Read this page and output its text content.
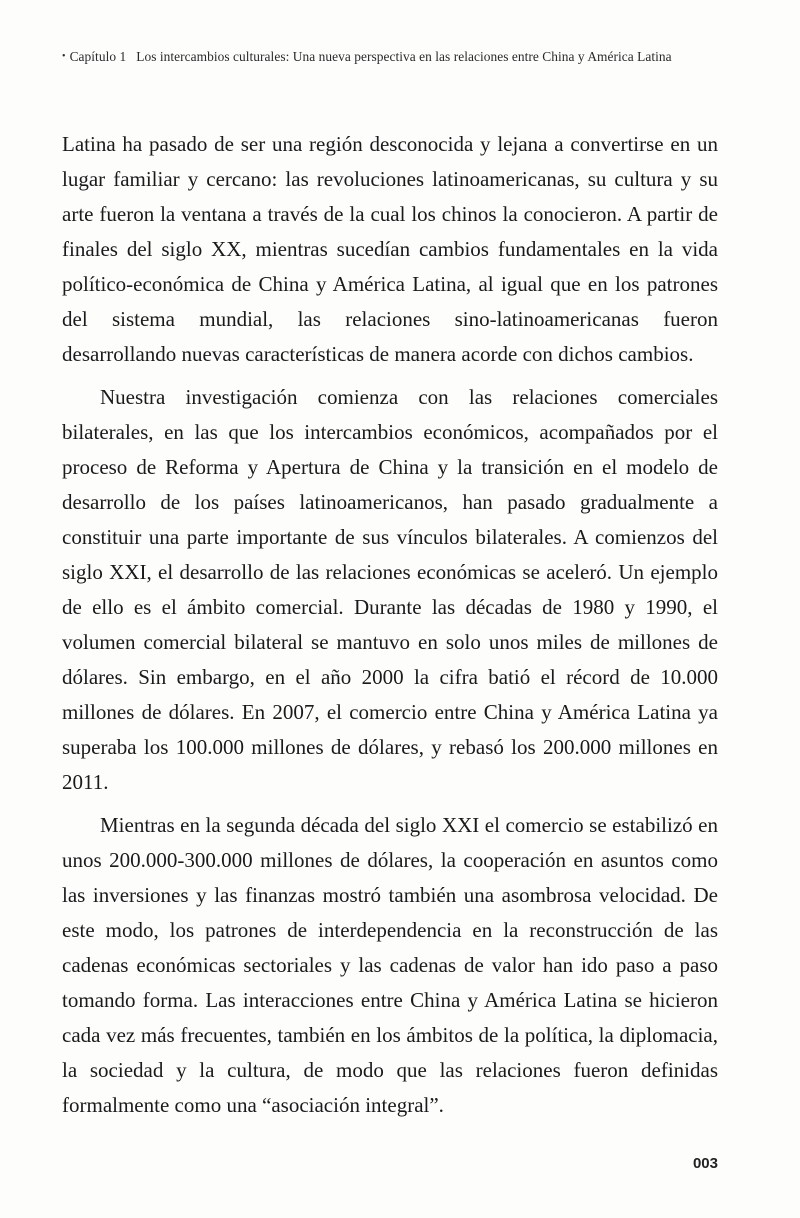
• Capítulo 1 Los intercambios culturales: Una nueva perspectiva en las relaciones entre China y América Latina

Latina ha pasado de ser una región desconocida y lejana a convertirse en un lugar familiar y cercano: las revoluciones latinoamericanas, su cultura y su arte fueron la ventana a través de la cual los chinos la conocieron. A partir de finales del siglo XX, mientras sucedían cambios fundamentales en la vida político-económica de China y América Latina, al igual que en los patrones del sistema mundial, las relaciones sino-latinoamericanas fueron desarrollando nuevas características de manera acorde con dichos cambios.

Nuestra investigación comienza con las relaciones comerciales bilaterales, en las que los intercambios económicos, acompañados por el proceso de Reforma y Apertura de China y la transición en el modelo de desarrollo de los países latinoamericanos, han pasado gradualmente a constituir una parte importante de sus vínculos bilaterales. A comienzos del siglo XXI, el desarrollo de las relaciones económicas se aceleró. Un ejemplo de ello es el ámbito comercial. Durante las décadas de 1980 y 1990, el volumen comercial bilateral se mantuvo en solo unos miles de millones de dólares. Sin embargo, en el año 2000 la cifra batió el récord de 10.000 millones de dólares. En 2007, el comercio entre China y América Latina ya superaba los 100.000 millones de dólares, y rebasó los 200.000 millones en 2011.

Mientras en la segunda década del siglo XXI el comercio se estabilizó en unos 200.000-300.000 millones de dólares, la cooperación en asuntos como las inversiones y las finanzas mostró también una asombrosa velocidad. De este modo, los patrones de interdependencia en la reconstrucción de las cadenas económicas sectoriales y las cadenas de valor han ido paso a paso tomando forma. Las interacciones entre China y América Latina se hicieron cada vez más frecuentes, también en los ámbitos de la política, la diplomacia, la sociedad y la cultura, de modo que las relaciones fueron definidas formalmente como una “asociación integral”.

003
